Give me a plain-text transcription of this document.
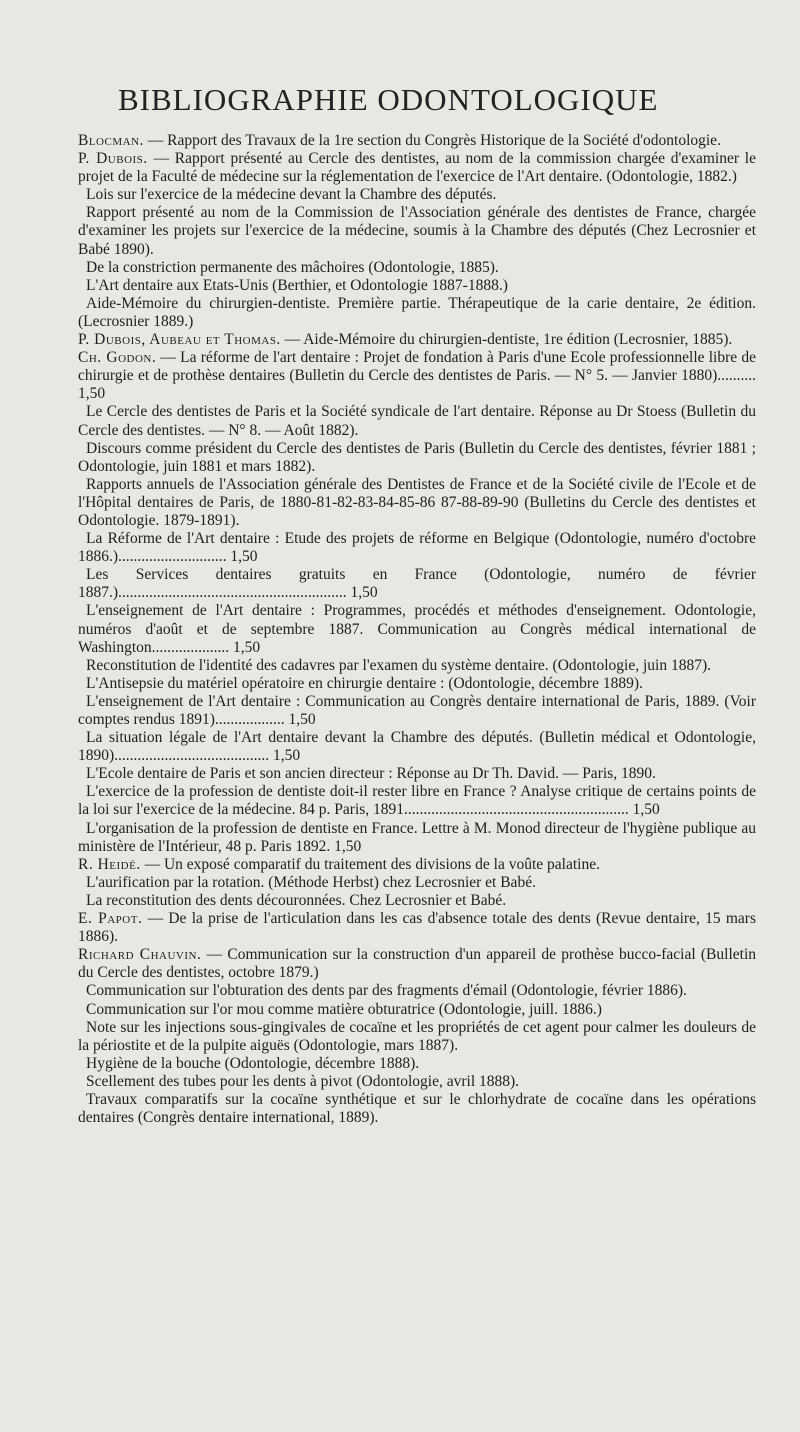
BIBLIOGRAPHIE ODONTOLOGIQUE

Blocman. — Rapport des Travaux de la 1re section du Congrès Historique de la Société d'odontologie.

P. Dubois. — Rapport présenté au Cercle des dentistes, au nom de la commission chargée d'examiner le projet de la Faculté de médecine sur la réglementation de l'exercice de l'Art dentaire. (Odontologie, 1882.)

Lois sur l'exercice de la médecine devant la Chambre des députés.

Rapport présenté au nom de la Commission de l'Association générale des dentistes de France, chargée d'examiner les projets sur l'exercice de la médecine, soumis à la Chambre des députés (Chez Lecrosnier et Babé 1890).

De la constriction permanente des mâchoires (Odontologie, 1885).

L'Art dentaire aux Etats-Unis (Berthier, et Odontologie 1887-1888.)

Aide-Mémoire du chirurgien-dentiste. Première partie. Thérapeutique de la carie dentaire, 2e édition. (Lecrosnier 1889.)

P. Dubois, Aubeau et Thomas. — Aide-Mémoire du chirurgien-dentiste, 1re édition (Lecrosnier, 1885).

Ch. Godon. — La réforme de l'art dentaire : Projet de fondation à Paris d'une Ecole professionnelle libre de chirurgie et de prothèse dentaires (Bulletin du Cercle des dentistes de Paris. — N° 5. — Janvier 1880).......... 1,50

Le Cercle des dentistes de Paris et la Société syndicale de l'art dentaire. Réponse au Dr Stoess (Bulletin du Cercle des dentistes. — N° 8. — Août 1882).

Discours comme président du Cercle des dentistes de Paris (Bulletin du Cercle des dentistes, février 1881 ; Odontologie, juin 1881 et mars 1882).

Rapports annuels de l'Association générale des Dentistes de France et de la Société civile de l'Ecole et de l'Hôpital dentaires de Paris, de 1880-81-82-83-84-85-86 87-88-89-90 (Bulletins du Cercle des dentistes et Odontologie. 1879-1891).

La Réforme de l'Art dentaire : Etude des projets de réforme en Belgique (Odontologie, numéro d'octobre 1886.)............................ 1,50

Les Services dentaires gratuits en France (Odontologie, numéro de février 1887.)........................................................... 1,50

L'enseignement de l'Art dentaire : Programmes, procédés et méthodes d'enseignement. Odontologie, numéros d'août et de septembre 1887. Communication au Congrès médical international de Washington.................... 1,50

Reconstitution de l'identité des cadavres par l'examen du système dentaire. (Odontologie, juin 1887).

L'Antisepsie du matériel opératoire en chirurgie dentaire : (Odontologie, décembre 1889).

L'enseignement de l'Art dentaire : Communication au Congrès dentaire international de Paris, 1889. (Voir comptes rendus 1891).................. 1,50

La situation légale de l'Art dentaire devant la Chambre des députés. (Bulletin médical et Odontologie, 1890)........................................ 1,50

L'Ecole dentaire de Paris et son ancien directeur : Réponse au Dr Th. David. — Paris, 1890.

L'exercice de la profession de dentiste doit-il rester libre en France ? Analyse critique de certains points de la loi sur l'exercice de la médecine. 84 p. Paris, 1891.......................................................... 1,50

L'organisation de la profession de dentiste en France. Lettre à M. Monod directeur de l'hygiène publique au ministère de l'Intérieur, 48 p. Paris 1892. 1,50

R. Heidé. — Un exposé comparatif du traitement des divisions de la voûte palatine.

L'aurification par la rotation. (Méthode Herbst) chez Lecrosnier et Babé.

La reconstitution des dents découronnées. Chez Lecrosnier et Babé.

E. Papot. — De la prise de l'articulation dans les cas d'absence totale des dents (Revue dentaire, 15 mars 1886).

Richard Chauvin. — Communication sur la construction d'un appareil de prothèse bucco-facial (Bulletin du Cercle des dentistes, octobre 1879.)

Communication sur l'obturation des dents par des fragments d'émail (Odontologie, février 1886).

Communication sur l'or mou comme matière obturatrice (Odontologie, juill. 1886.)

Note sur les injections sous-gingivales de cocaïne et les propriétés de cet agent pour calmer les douleurs de la périostite et de la pulpite aiguës (Odontologie, mars 1887).

Hygiène de la bouche (Odontologie, décembre 1888).

Scellement des tubes pour les dents à pivot (Odontologie, avril 1888).

Travaux comparatifs sur la cocaïne synthétique et sur le chlorhydrate de cocaïne dans les opérations dentaires (Congrès dentaire international, 1889).
